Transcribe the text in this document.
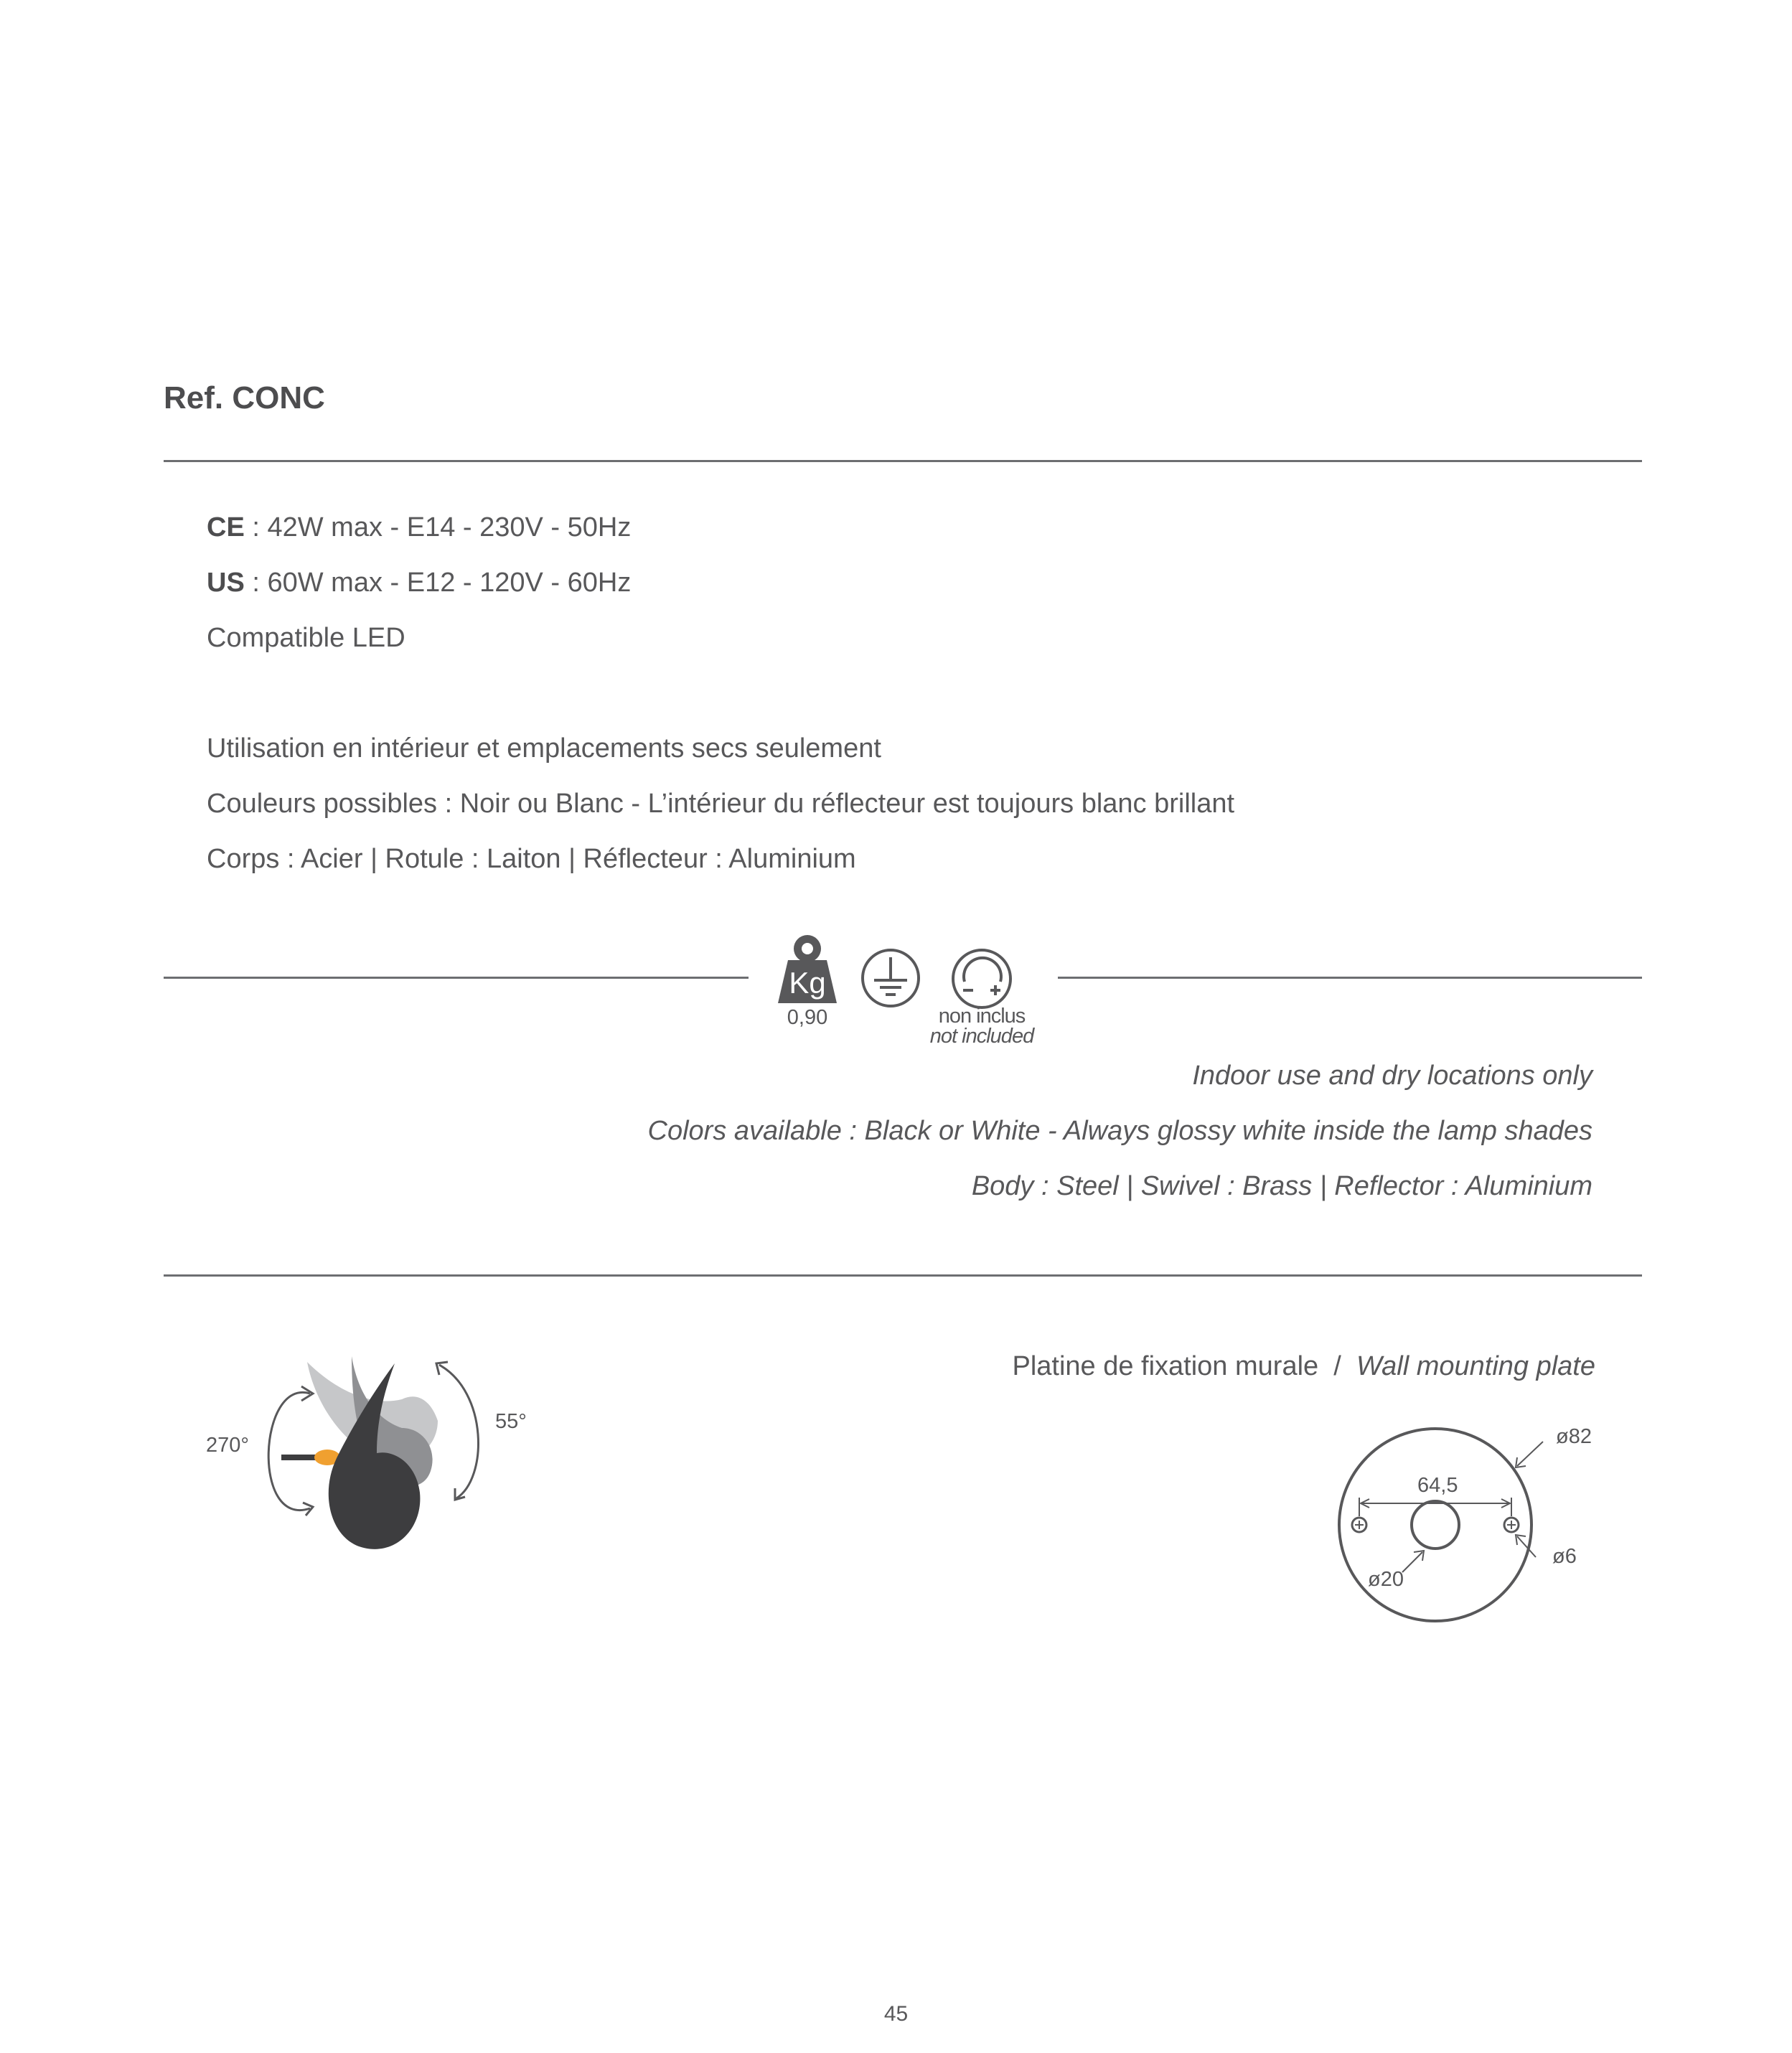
Ref. CONC
CE : 42W max - E14 - 230V - 50Hz
US : 60W max - E12 - 120V - 60Hz
Compatible LED
Utilisation en intérieur et emplacements secs seulement
Couleurs possibles : Noir ou Blanc - L’intérieur du réflecteur est toujours blanc brillant
Corps : Acier | Rotule : Laiton | Réflecteur : Aluminium
Kg
0,90	non inclus
not included
Indoor use and dry locations only
Colors available : Black or White - Always glossy white inside the lamp shades
Body : Steel | Swivel : Brass | Reflector : Aluminium
270°
55°
Platine de fixation murale  /  Wall mounting plate
ø82
64,5
ø20
ø6
45
